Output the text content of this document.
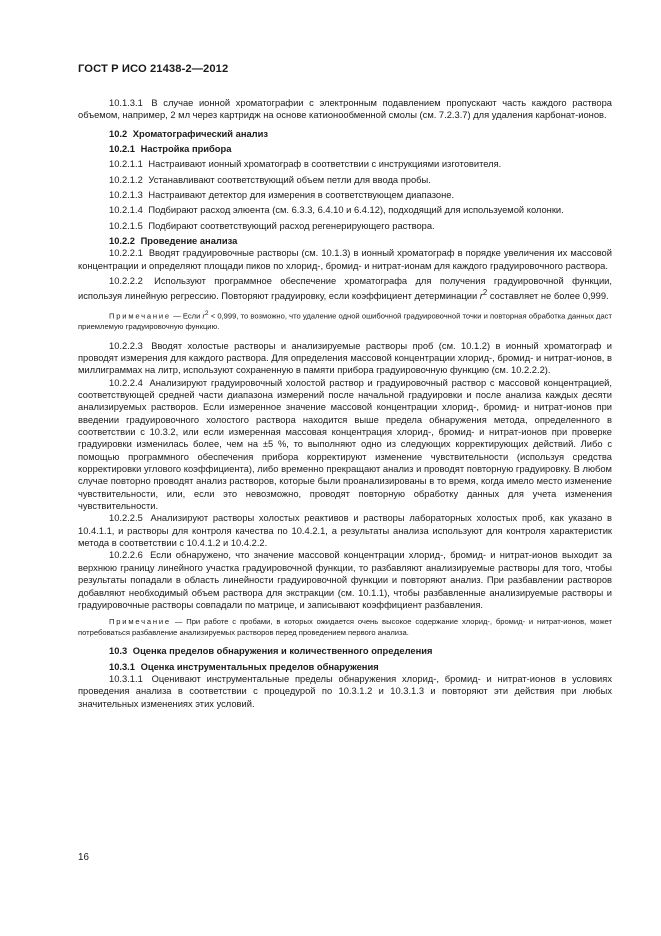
ГОСТ Р ИСО 21438-2—2012

10.1.3.1 В случае ионной хроматографии с электронным подавлением пропускают часть каждого раствора объемом, например, 2 мл через картридж на основе катионообменной смолы (см. 7.2.3.7) для удаления карбонат-ионов.

10.2 Хроматографический анализ

10.2.1 Настройка прибора

10.2.1.1 Настраивают ионный хроматограф в соответствии с инструкциями изготовителя.

10.2.1.2 Устанавливают соответствующий объем петли для ввода пробы.

10.2.1.3 Настраивают детектор для измерения в соответствующем диапазоне.

10.2.1.4 Подбирают расход элюента (см. 6.3.3, 6.4.10 и 6.4.12), подходящий для используемой колонки.

10.2.1.5 Подбирают соответствующий расход регенерирующего раствора.

10.2.2 Проведение анализа

10.2.2.1 Вводят градуировочные растворы (см. 10.1.3) в ионный хроматограф в порядке увеличения их массовой концентрации и определяют площади пиков по хлорид-, бромид- и нитрат-ионам для каждого градуировочного раствора.

10.2.2.2 Используют программное обеспечение хроматографа для получения градуировочной функции, используя линейную регрессию. Повторяют градуировку, если коэффициент детерминации $r^2$ составляет не более 0,999.

Примечание — Если $r^2 < 0,999$, то возможно, что удаление одной ошибочной градуировочной точки и повторная обработка данных даст приемлемую градуировочную функцию.

10.2.2.3 Вводят холостые растворы и анализируемые растворы проб (см. 10.1.2) в ионный хроматограф и проводят измерения для каждого раствора. Для определения массовой концентрации хлорид-, бромид- и нитрат-ионов, в миллиграммах на литр, используют сохраненную в памяти прибора градуировочную функцию (см. 10.2.2.2).

10.2.2.4 Анализируют градуировочный холостой раствор и градуировочный раствор с массовой концентрацией, соответствующей средней части диапазона измерений после начальной градуировки и после анализа каждых десяти анализируемых растворов. Если измеренное значение массовой концентрации хлорид-, бромид- и нитрат-ионов при введении градуировочного холостого раствора находится выше предела обнаружения метода, определенного в соответствии с 10.3.2, или если измеренная массовая концентрация хлорид-, бромид- и нитрат-ионов при проверке градуировки изменилась более, чем на ±5 %, то выполняют одно из следующих корректирующих действий. Либо с помощью программного обеспечения прибора корректируют изменение чувствительности (используя средства корректировки углового коэффициента), либо временно прекращают анализ и проводят повторную градуировку. В любом случае повторно проводят анализ растворов, которые были проанализированы в то время, когда имело место изменение чувствительности, или, если это невозможно, проводят повторную обработку данных для учета изменения чувствительности.

10.2.2.5 Анализируют растворы холостых реактивов и растворы лабораторных холостых проб, как указано в 10.4.1.1, и растворы для контроля качества по 10.4.2.1, а результаты анализа используют для контроля характеристик метода в соответствии с 10.4.1.2 и 10.4.2.2.

10.2.2.6 Если обнаружено, что значение массовой концентрации хлорид-, бромид- и нитрат-ионов выходит за верхнюю границу линейного участка градуировочной функции, то разбавляют анализируемые растворы для того, чтобы результаты попадали в область линейности градуировочной функции и повторяют анализ. При разбавлении растворов добавляют необходимый объем раствора для экстракции (см. 10.1.1), чтобы разбавленные анализируемые растворы и градуировочные растворы совпадали по матрице, и записывают коэффициент разбавления.

Примечание — При работе с пробами, в которых ожидается очень высокое содержание хлорид-, бромид- и нитрат-ионов, может потребоваться разбавление анализируемых растворов перед проведением первого анализа.

10.3 Оценка пределов обнаружения и количественного определения

10.3.1 Оценка инструментальных пределов обнаружения

10.3.1.1 Оценивают инструментальные пределы обнаружения хлорид-, бромид- и нитрат-ионов в условиях проведения анализа в соответствии с процедурой по 10.3.1.2 и 10.3.1.3 и повторяют эти действия при любых значительных изменениях этих условий.

16
